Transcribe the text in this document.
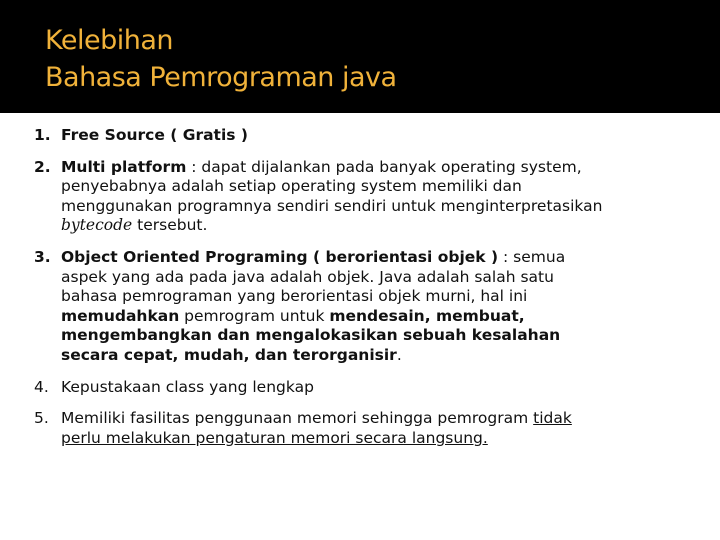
Kelebihan
Bahasa Pemrograman java
1. Free Source ( Gratis )
2. Multi platform : dapat dijalankan pada banyak operating system,
penyebabnya adalah setiap operating system memiliki dan
menggunakan programnya sendiri sendiri untuk menginterpretasikan
bytecode tersebut.
3. Object Oriented Programing ( berorientasi objek ) : semua
aspek yang ada pada java adalah objek. Java adalah salah satu
bahasa pemrograman yang berorientasi objek murni, hal ini
memudahkan pemrogram untuk mendesain, membuat,
mengembangkan dan mengalokasikan sebuah kesalahan
secara cepat, mudah, dan terorganisir.
4. Kepustakaan class yang lengkap
5. Memiliki fasilitas penggunaan memori sehingga pemrogram tidak
perlu melakukan pengaturan memori secara langsung.
